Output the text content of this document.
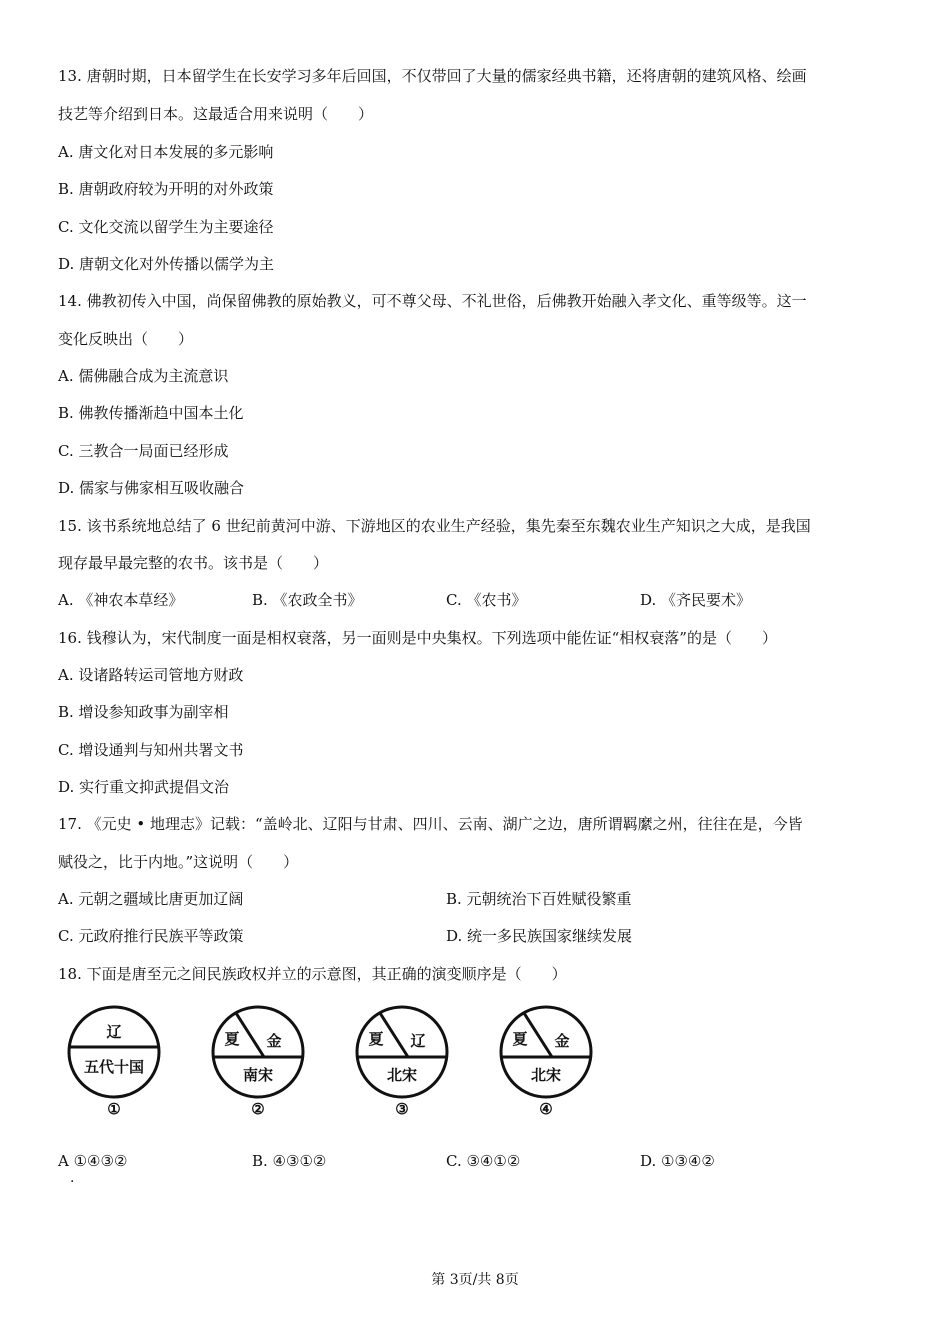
13. 唐朝时期，日本留学生在长安学习多年后回国，不仅带回了大量的儒家经典书籍，还将唐朝的建筑风格、绘画
技艺等介绍到日本。这最适合用来说明（　　）
A. 唐文化对日本发展的多元影响
B. 唐朝政府较为开明的对外政策
C. 文化交流以留学生为主要途径
D. 唐朝文化对外传播以儒学为主
14. 佛教初传入中国，尚保留佛教的原始教义，可不尊父母、不礼世俗，后佛教开始融入孝文化、重等级等。这一
变化反映出（　　）
A. 儒佛融合成为主流意识
B. 佛教传播渐趋中国本土化
C. 三教合一局面已经形成
D. 儒家与佛家相互吸收融合
15. 该书系统地总结了 6 世纪前黄河中游、下游地区的农业生产经验，集先秦至东魏农业生产知识之大成，是我国
现存最早最完整的农书。该书是（　　）
A. 《神农本草经》	B. 《农政全书》	C. 《农书》	D. 《齐民要术》
16. 钱穆认为，宋代制度一面是相权衰落，另一面则是中央集权。下列选项中能佐证“相权衰落”的是（　　）
A. 设诸路转运司管地方财政
B. 增设参知政事为副宰相
C. 增设通判与知州共署文书
D. 实行重文抑武提倡文治
17. 《元史 • 地理志》记载：“盖岭北、辽阳与甘肃、四川、云南、湖广之边，唐所谓羁縻之州，往往在是，今皆
赋役之，比于内地。”这说明（　　）
A. 元朝之疆域比唐更加辽阔	B. 元朝统治下百姓赋役繁重
C. 元政府推行民族平等政策	D. 统一多民族国家继续发展
18. 下面是唐至元之间民族政权并立的示意图，其正确的演变顺序是（　　）
辽
五代十国
①
夏 金
南宋
②
夏 辽
北宋
③
夏 金
北宋
④
A ①④③②	B. ④③①②	C. ③④①②	D. ①③④②
.
第 3页/共 8页
